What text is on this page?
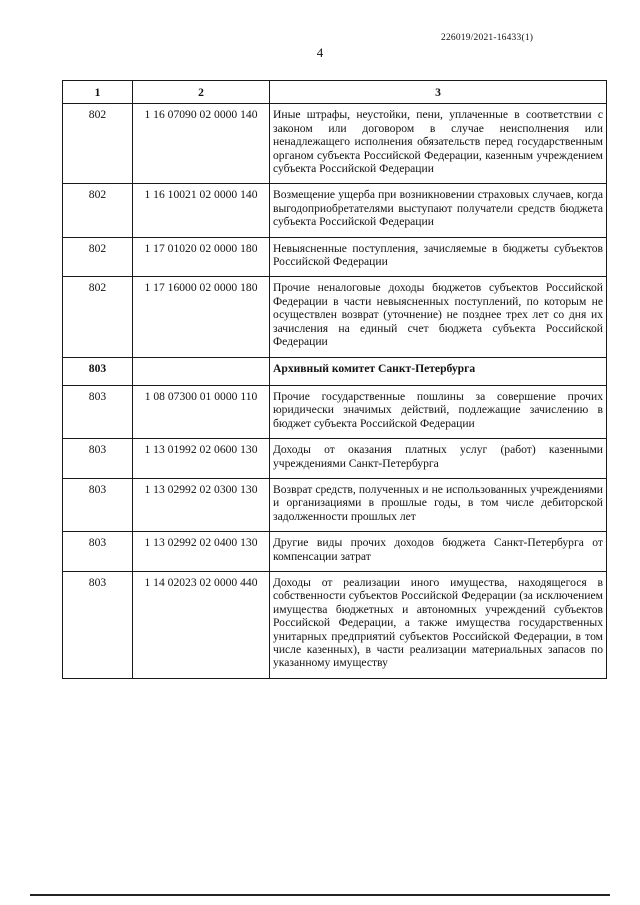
226019/2021-16433(1)
4
1	2	3
802	1 16 07090 02 0000 140	Иные штрафы, неустойки, пени, уплаченные в соответствии с законом или договором в случае неисполнения или ненадлежащего исполнения обязательств перед государственным органом субъекта Российской Федерации, казенным учреждением субъекта Российской Федерации
802	1 16 10021 02 0000 140	Возмещение ущерба при возникновении страховых случаев, когда выгодоприобретателями выступают получатели средств бюджета субъекта Российской Федерации
802	1 17 01020 02 0000 180	Невыясненные поступления, зачисляемые в бюджеты субъектов Российской Федерации
802	1 17 16000 02 0000 180	Прочие неналоговые доходы бюджетов субъектов Российской Федерации в части невыясненных поступлений, по которым не осуществлен возврат (уточнение) не позднее трех лет со дня их зачисления на единый счет бюджета субъекта Российской Федерации
803		Архивный комитет Санкт-Петербурга
803	1 08 07300 01 0000 110	Прочие государственные пошлины за совершение прочих юридически значимых действий, подлежащие зачислению в бюджет субъекта Российской Федерации
803	1 13 01992 02 0600 130	Доходы от оказания платных услуг (работ) казенными учреждениями Санкт-Петербурга
803	1 13 02992 02 0300 130	Возврат средств, полученных и не использованных учреждениями и организациями в прошлые годы, в том числе дебиторской задолженности прошлых лет
803	1 13 02992 02 0400 130	Другие виды прочих доходов бюджета Санкт-Петербурга от компенсации затрат
803	1 14 02023 02 0000 440	Доходы от реализации иного имущества, находящегося в собственности субъектов Российской Федерации (за исключением имущества бюджетных и автономных учреждений субъектов Российской Федерации, а также имущества государственных унитарных предприятий субъектов Российской Федерации, в том числе казенных), в части реализации материальных запасов по указанному имуществу
